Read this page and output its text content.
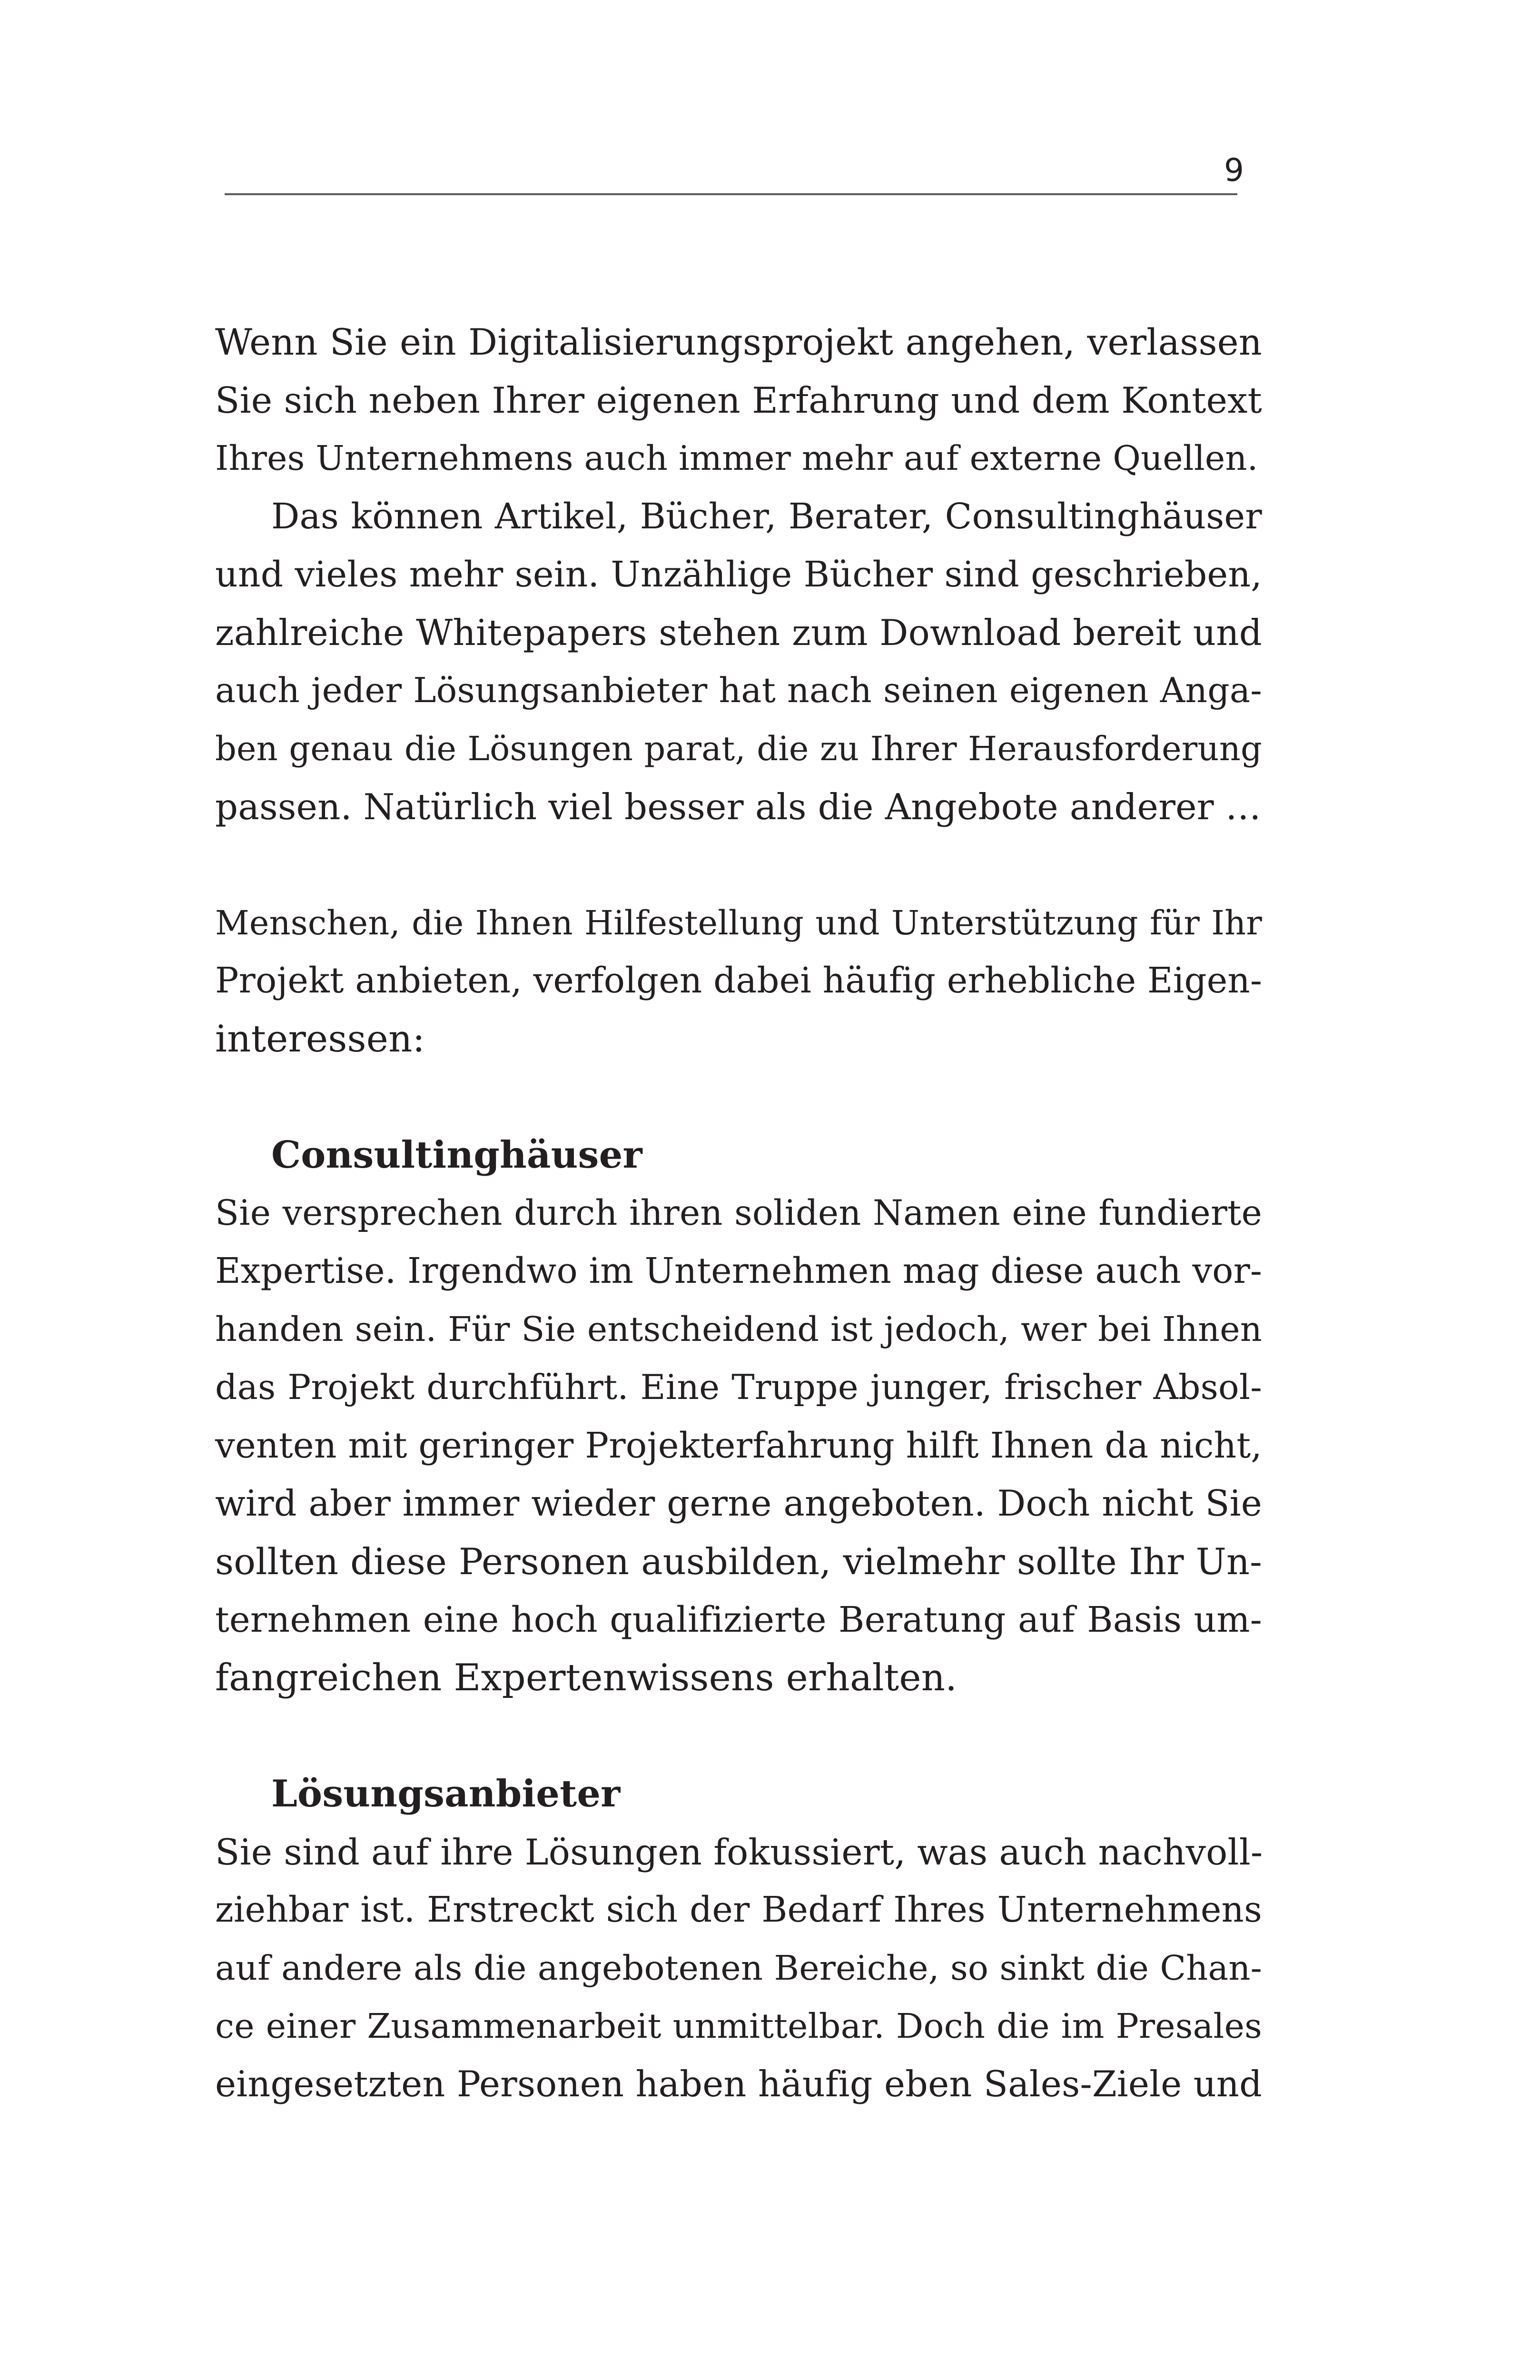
9
Wenn Sie ein Digitalisierungsprojekt angehen, verlassen
Sie sich neben Ihrer eigenen Erfahrung und dem Kontext
Ihres Unternehmens auch immer mehr auf externe Quellen.
Das können Artikel, Bücher, Berater, Consultinghäuser
und vieles mehr sein. Unzählige Bücher sind geschrieben,
zahlreiche Whitepapers stehen zum Download bereit und
auch jeder Lösungsanbieter hat nach seinen eigenen Anga-
ben genau die Lösungen parat, die zu Ihrer Herausforderung
passen. Natürlich viel besser als die Angebote anderer …
Menschen, die Ihnen Hilfestellung und Unterstützung für Ihr
Projekt anbieten, verfolgen dabei häufig erhebliche Eigen-
interessen:
Consultinghäuser
Sie versprechen durch ihren soliden Namen eine fundierte
Expertise. Irgendwo im Unternehmen mag diese auch vor-
handen sein. Für Sie entscheidend ist jedoch, wer bei Ihnen
das Projekt durchführt. Eine Truppe junger, frischer Absol-
venten mit geringer Projekterfahrung hilft Ihnen da nicht,
wird aber immer wieder gerne angeboten. Doch nicht Sie
sollten diese Personen ausbilden, vielmehr sollte Ihr Un-
ternehmen eine hoch qualifizierte Beratung auf Basis um-
fangreichen Expertenwissens erhalten.
Lösungsanbieter
Sie sind auf ihre Lösungen fokussiert, was auch nachvoll-
ziehbar ist. Erstreckt sich der Bedarf Ihres Unternehmens
auf andere als die angebotenen Bereiche, so sinkt die Chan-
ce einer Zusammenarbeit unmittelbar. Doch die im Presales
eingesetzten Personen haben häufig eben Sales-Ziele und
